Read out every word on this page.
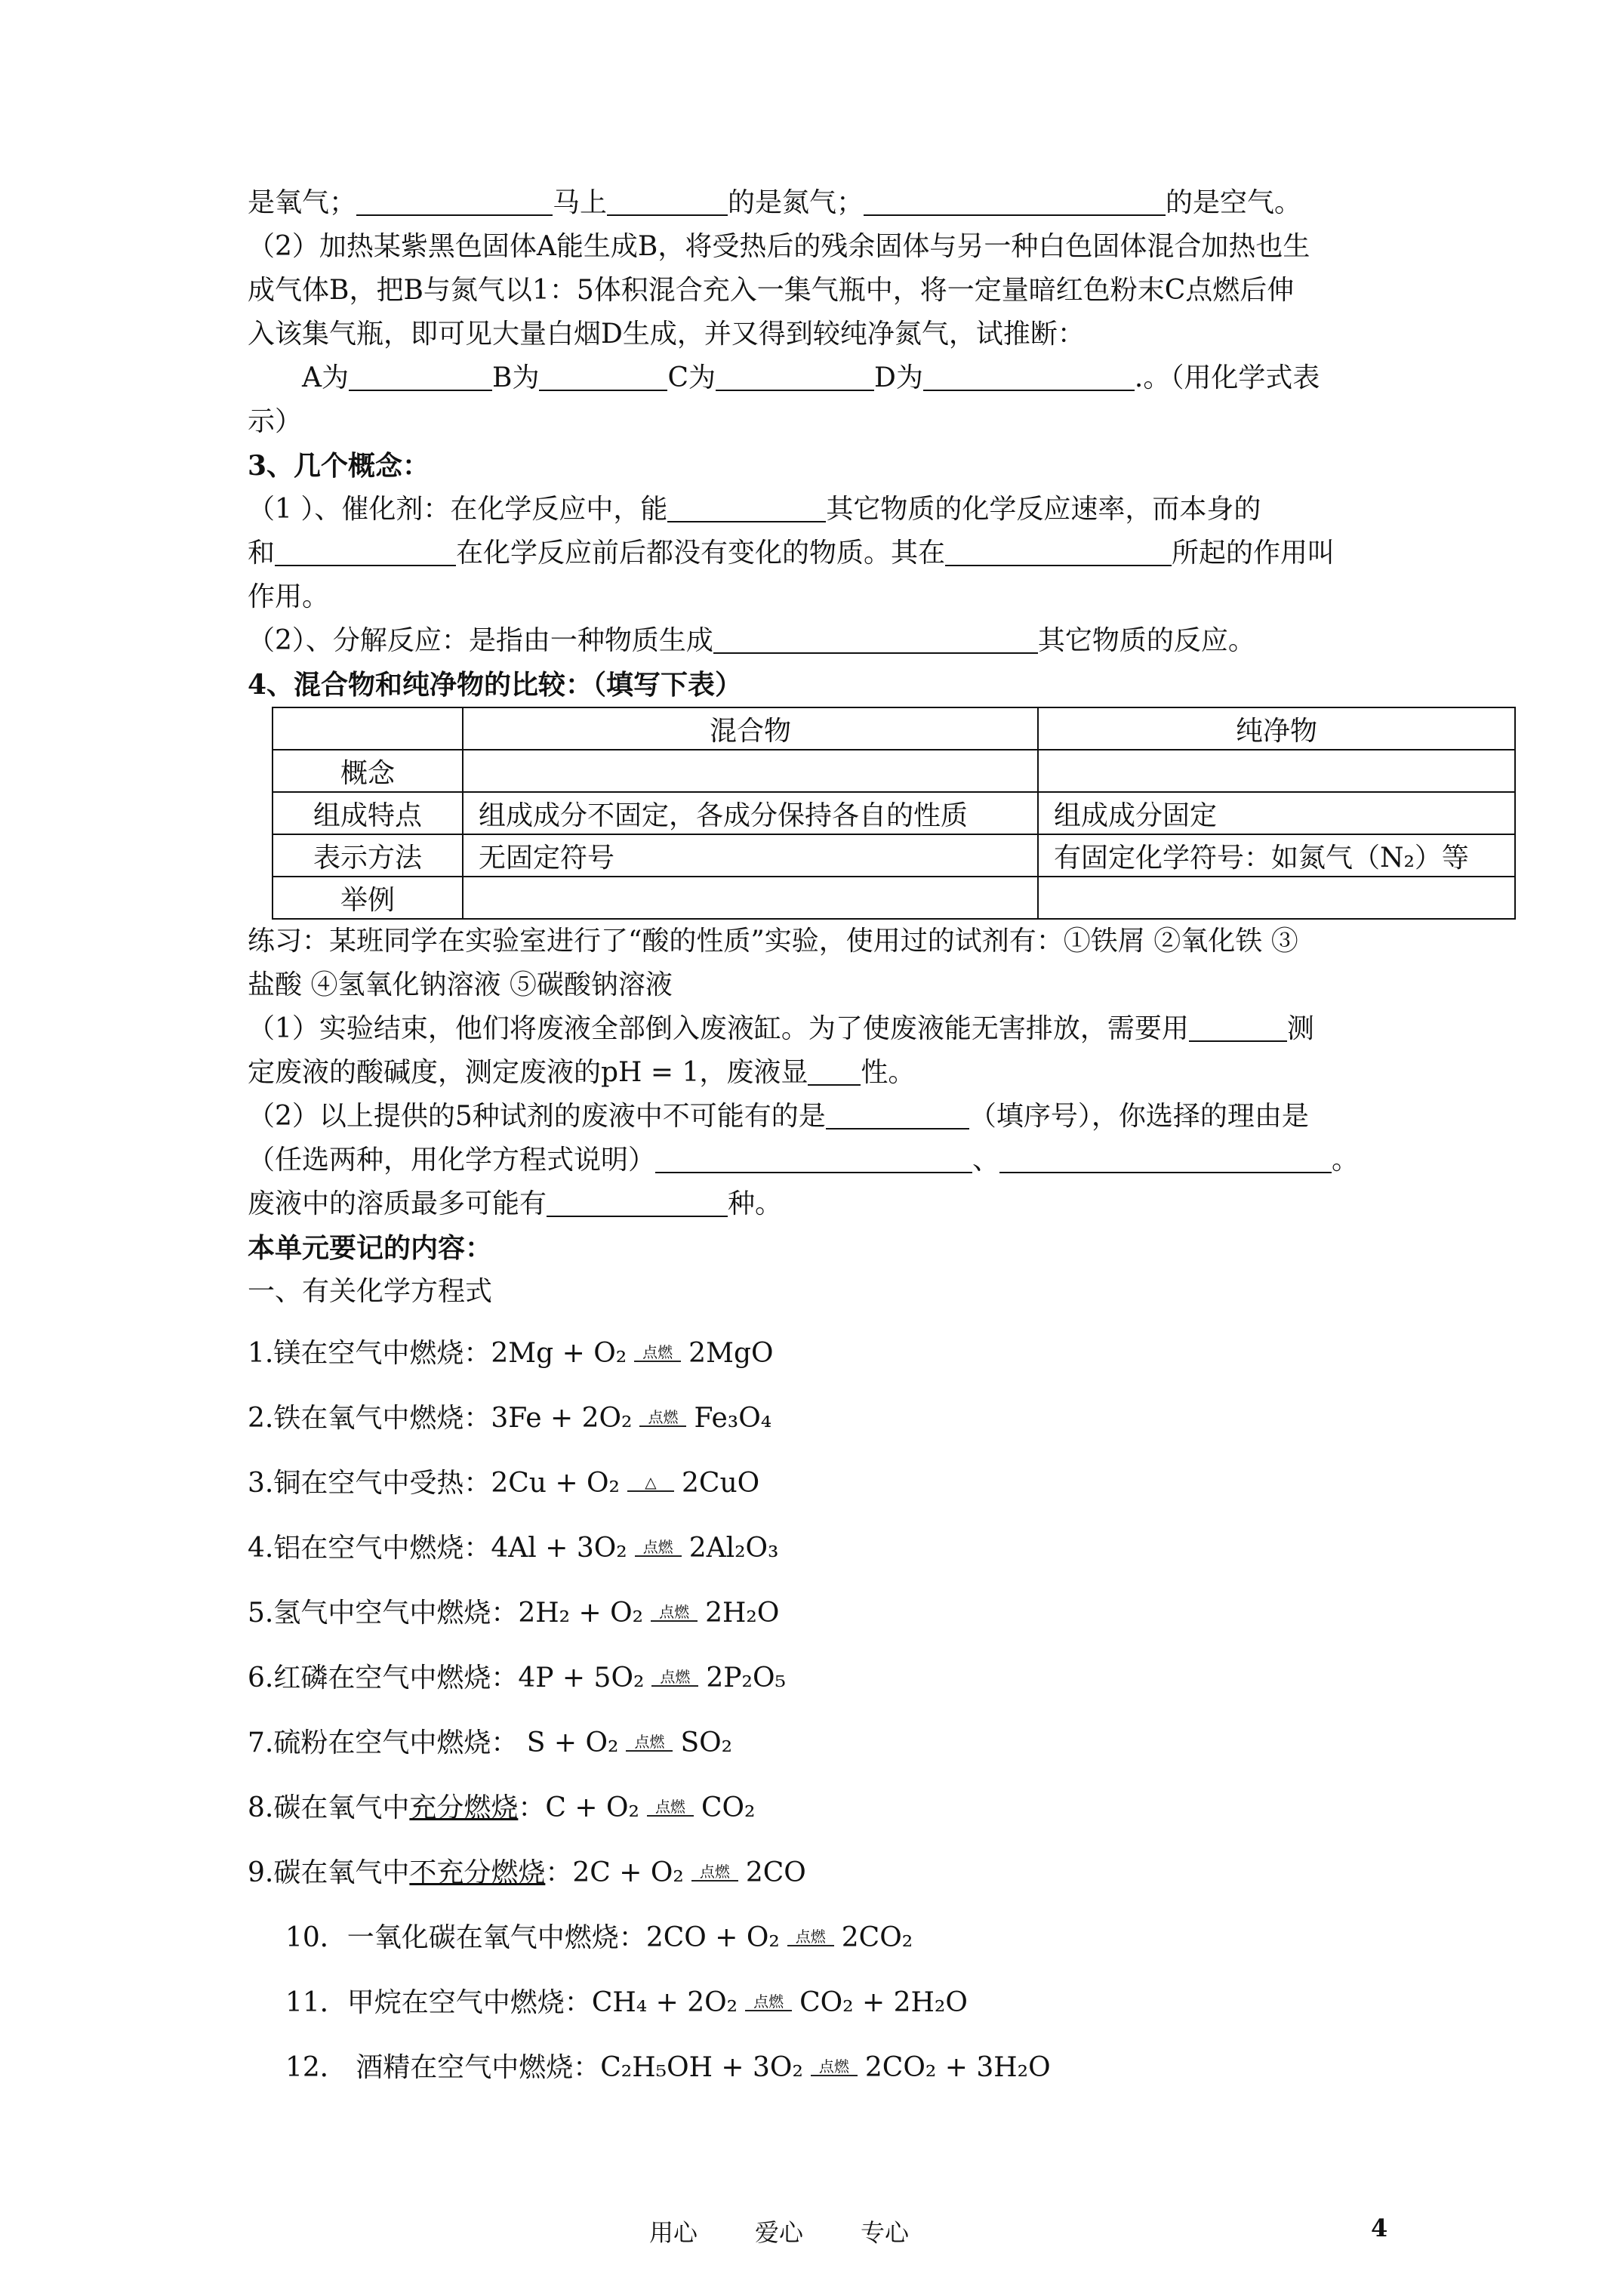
是氧气；	马上	的是氮气；	的是空气。
（2）加热某紫黑色固体A能生成B，将受热后的残余固体与另一种白色固体混合加热也生
成气体B，把B与氮气以1：5体积混合充入一集气瓶中，将一定量暗红色粉末C点燃后伸
入该集气瓶，即可见大量白烟D生成，并又得到较纯净氮气，试推断：
A为	B为	C为	D为	.。（用化学式表
示）
3、几个概念：
（1 ）、催化剂：在化学反应中，能	其它物质的化学反应速率，而本身的
和	在化学反应前后都没有变化的物质。其在	所起的作用叫
作用。
（2）、分解反应：是指由一种物质生成	其它物质的反应。
4、混合物和纯净物的比较：（填写下表）
	混合物	纯净物
概念		
组成特点	组成成分不固定，各成分保持各自的性质	组成成分固定
表示方法	无固定符号	有固定化学符号：如氮气（N₂）等
举例		
练习：某班同学在实验室进行了“酸的性质”实验，使用过的试剂有：①铁屑 ②氧化铁 ③
盐酸 ④氢氧化钠溶液 ⑤碳酸钠溶液
（1）实验结束，他们将废液全部倒入废液缸。为了使废液能无害排放，需要用	测
定废液的酸碱度，测定废液的pH = 1，废液显 性。
（2）以上提供的5种试剂的废液中不可能有的是	（填序号），你选择的理由是
（任选两种，用化学方程式说明）	、	。
废液中的溶质最多可能有	种。
本单元要记的内容：
一、有关化学方程式
1.镁在空气中燃烧：2Mg + O₂	点燃 2MgO
2.铁在氧气中燃烧：3Fe + 2O₂	点燃 Fe₃O₄
3.铜在空气中受热：2Cu + O₂	△ 2CuO
4.铝在空气中燃烧：4Al + 3O₂	点燃 2Al₂O₃
5.氢气中空气中燃烧：2H₂ + O₂	点燃 2H₂O
6.红磷在空气中燃烧：4P + 5O₂	点燃 2P₂O₅
7.硫粉在空气中燃烧： S + O₂	点燃 SO₂
8.碳在氧气中充分燃烧：C + O₂	点燃 CO₂
9.碳在氧气中不充分燃烧：2C + O₂	点燃 2CO
10．一氧化碳在氧气中燃烧：2CO + O₂	点燃 2CO₂
11．甲烷在空气中燃烧：CH₄ + 2O₂	点燃 CO₂ + 2H₂O
12． 酒精在空气中燃烧：C₂H₅OH + 3O₂	点燃 2CO₂ + 3H₂O
用心 爱心 专心	4
